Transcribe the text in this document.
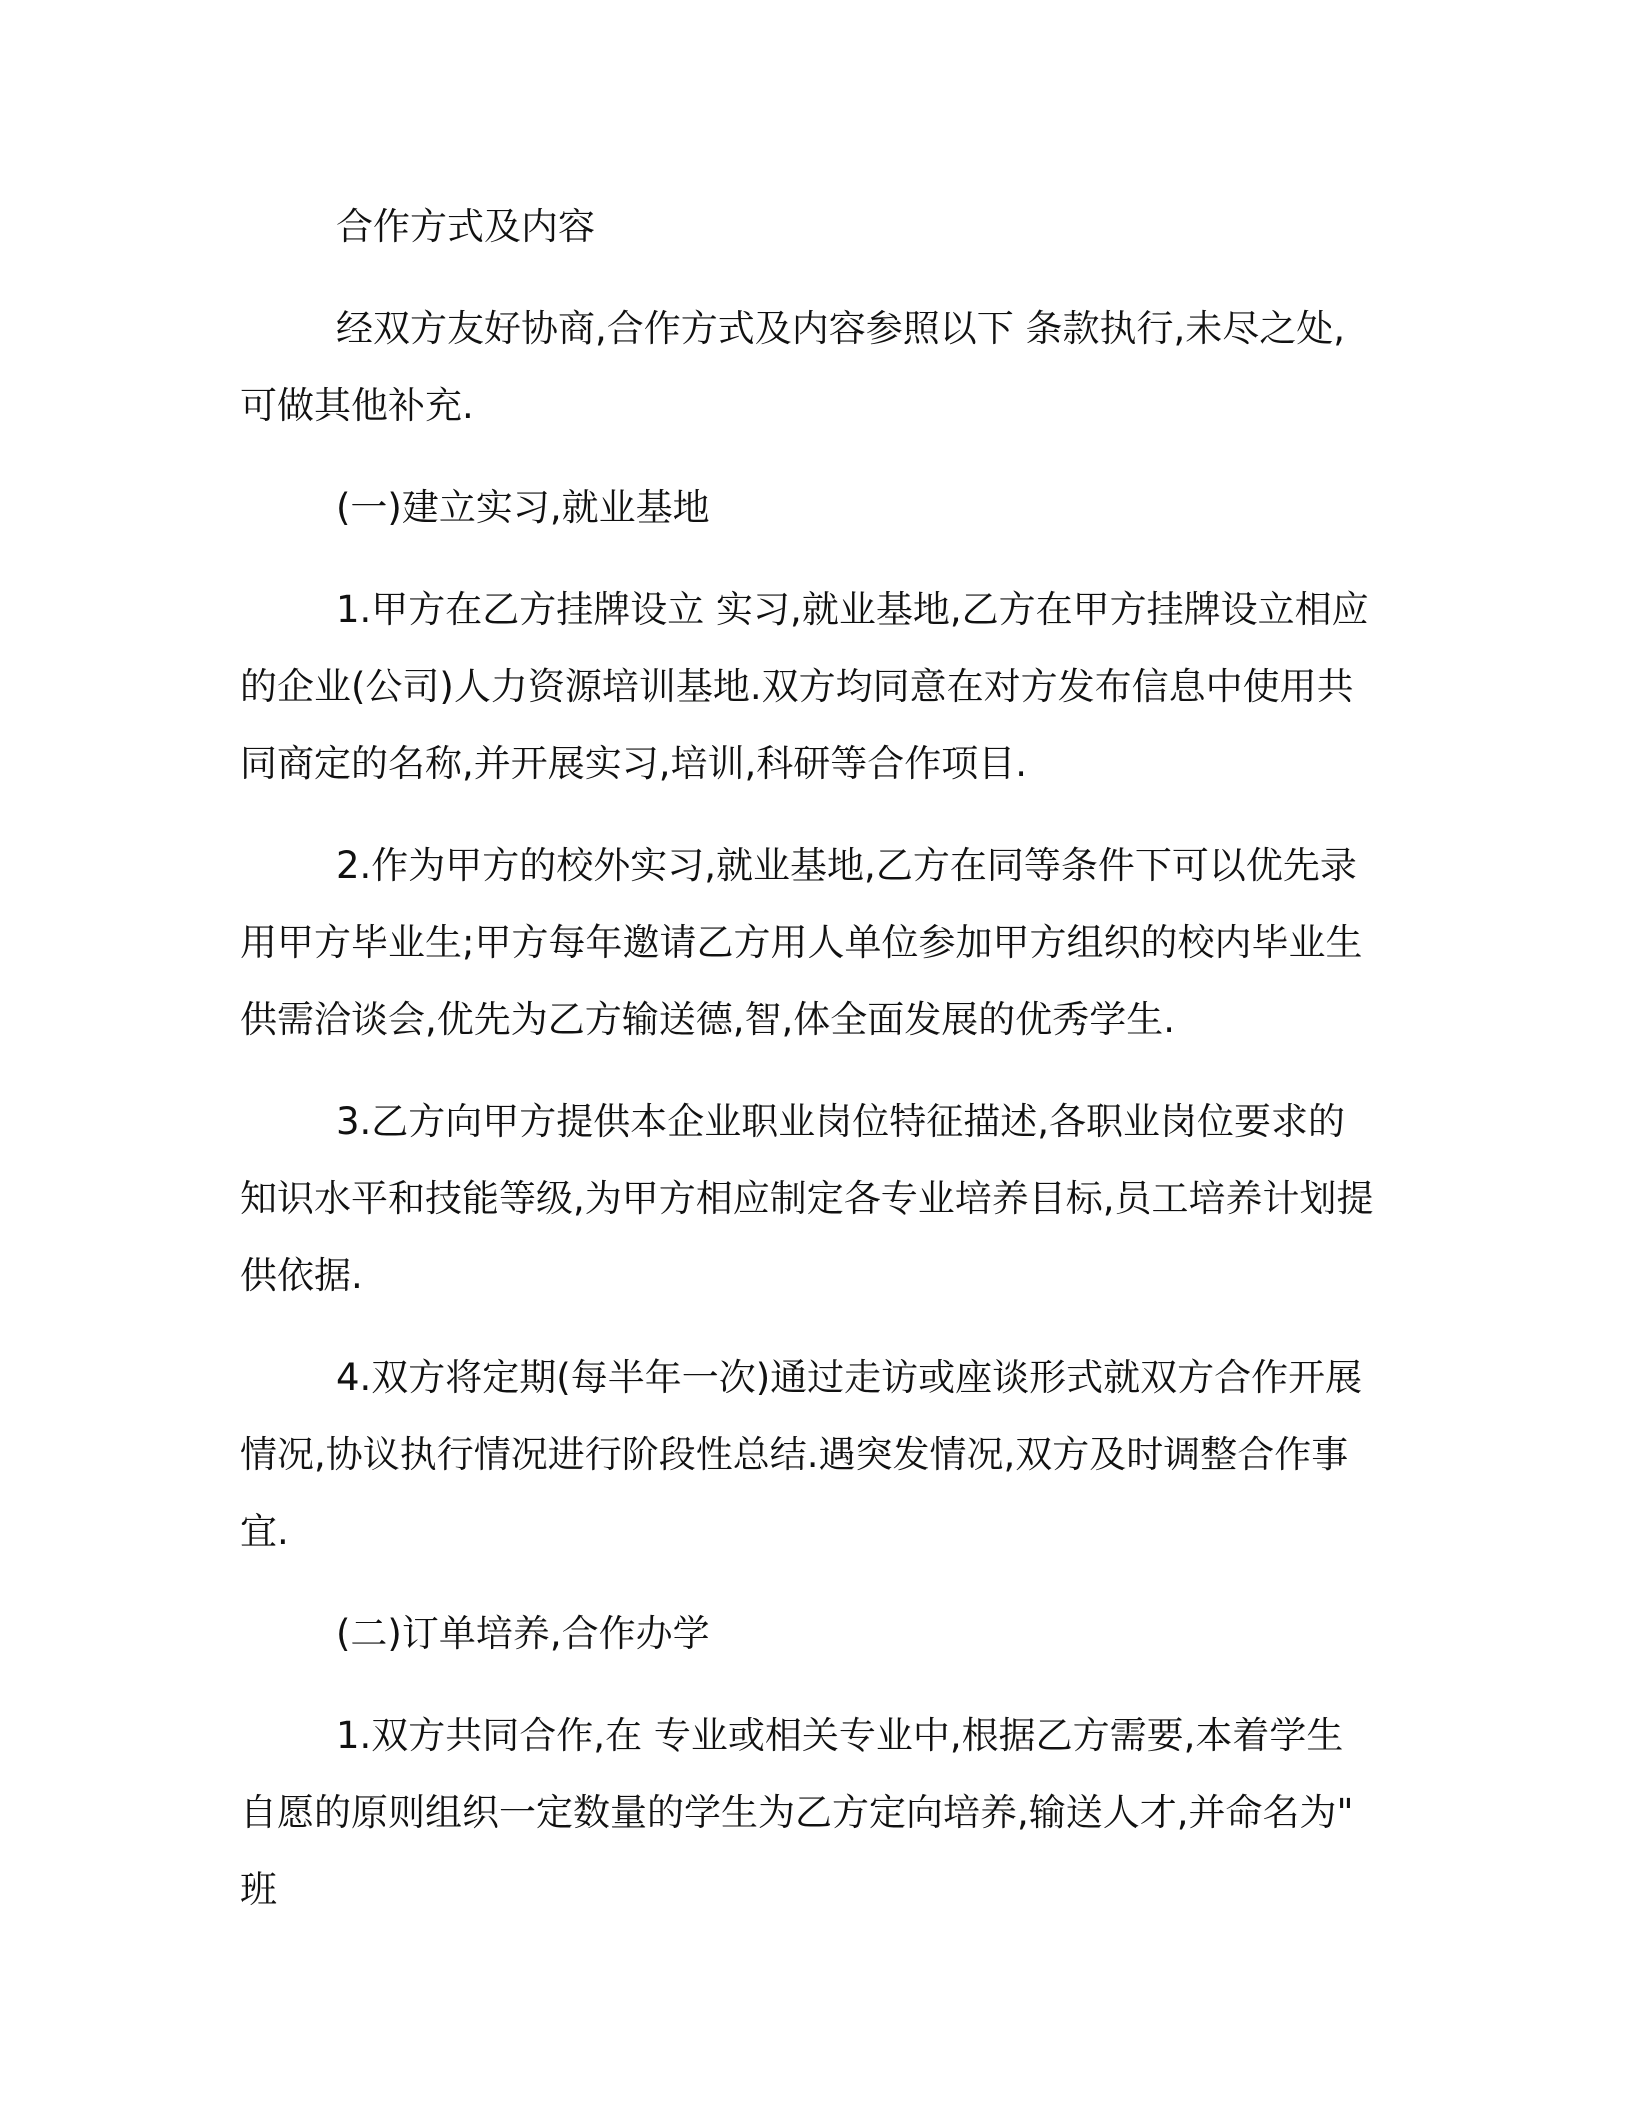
合作方式及内容

经双方友好协商,合作方式及内容参照以下 条款执行,未尽之处,可做其他补充.

(一)建立实习,就业基地

1.甲方在乙方挂牌设立 实习,就业基地,乙方在甲方挂牌设立相应的企业(公司)人力资源培训基地.双方均同意在对方发布信息中使用共同商定的名称,并开展实习,培训,科研等合作项目.

2.作为甲方的校外实习,就业基地,乙方在同等条件下可以优先录用甲方毕业生;甲方每年邀请乙方用人单位参加甲方组织的校内毕业生供需洽谈会,优先为乙方输送德,智,体全面发展的优秀学生.

3.乙方向甲方提供本企业职业岗位特征描述,各职业岗位要求的知识水平和技能等级,为甲方相应制定各专业培养目标,员工培养计划提供依据.

4.双方将定期(每半年一次)通过走访或座谈形式就双方合作开展情况,协议执行情况进行阶段性总结.遇突发情况,双方及时调整合作事宜.

(二)订单培养,合作办学

1.双方共同合作,在 专业或相关专业中,根据乙方需要,本着学生自愿的原则组织一定数量的学生为乙方定向培养,输送人才,并命名为" 班
